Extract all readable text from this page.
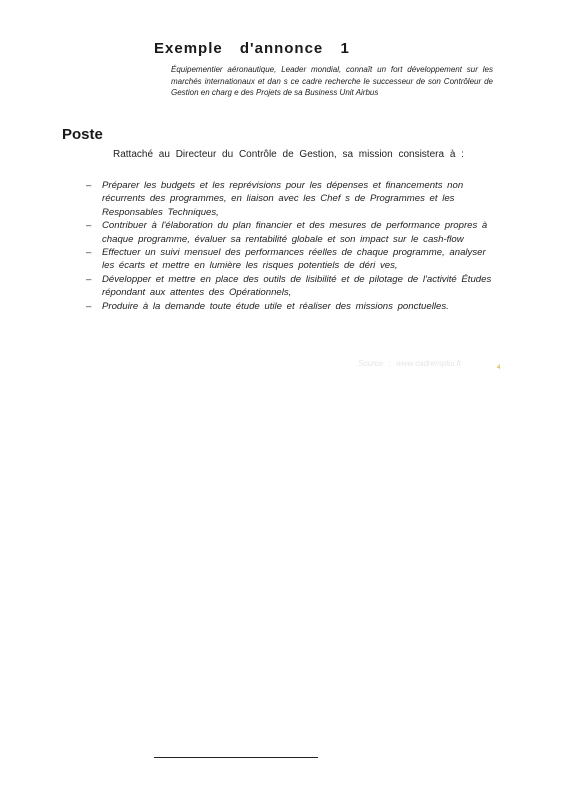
Exemple d'annonce 1
Équipementier aéronautique, Leader mondial, connaît un fort développement sur les marchés internationaux et dan s ce cadre recherche le successeur de son Contrôleur de Gestion en charg e des Projets de sa Business Unit Airbus
Poste
Rattaché au Directeur du Contrôle de Gestion, sa mission consistera à :
– Préparer les budgets et les reprévisions pour les dépenses et financements non récurrents des programmes, en liaison avec les Chef s de Programmes et les Responsables Techniques,
– Contribuer à l'élaboration du plan financier et des mesures de performance propres à chaque programme, évaluer sa rentabilité globale et son impact sur le cash-flow
– Effectuer un suivi mensuel des performances réelles de chaque programme, analyser les écarts et mettre en lumière les risques potentiels de déri ves,
– Développer et mettre en place des outils de lisibilité et de pilotage de l'activité Études répondant aux attentes des Opérationnels,
– Produire à la demande toute étude utile et réaliser des missions ponctuelles.
Source : www.cadremploi.fr	4
